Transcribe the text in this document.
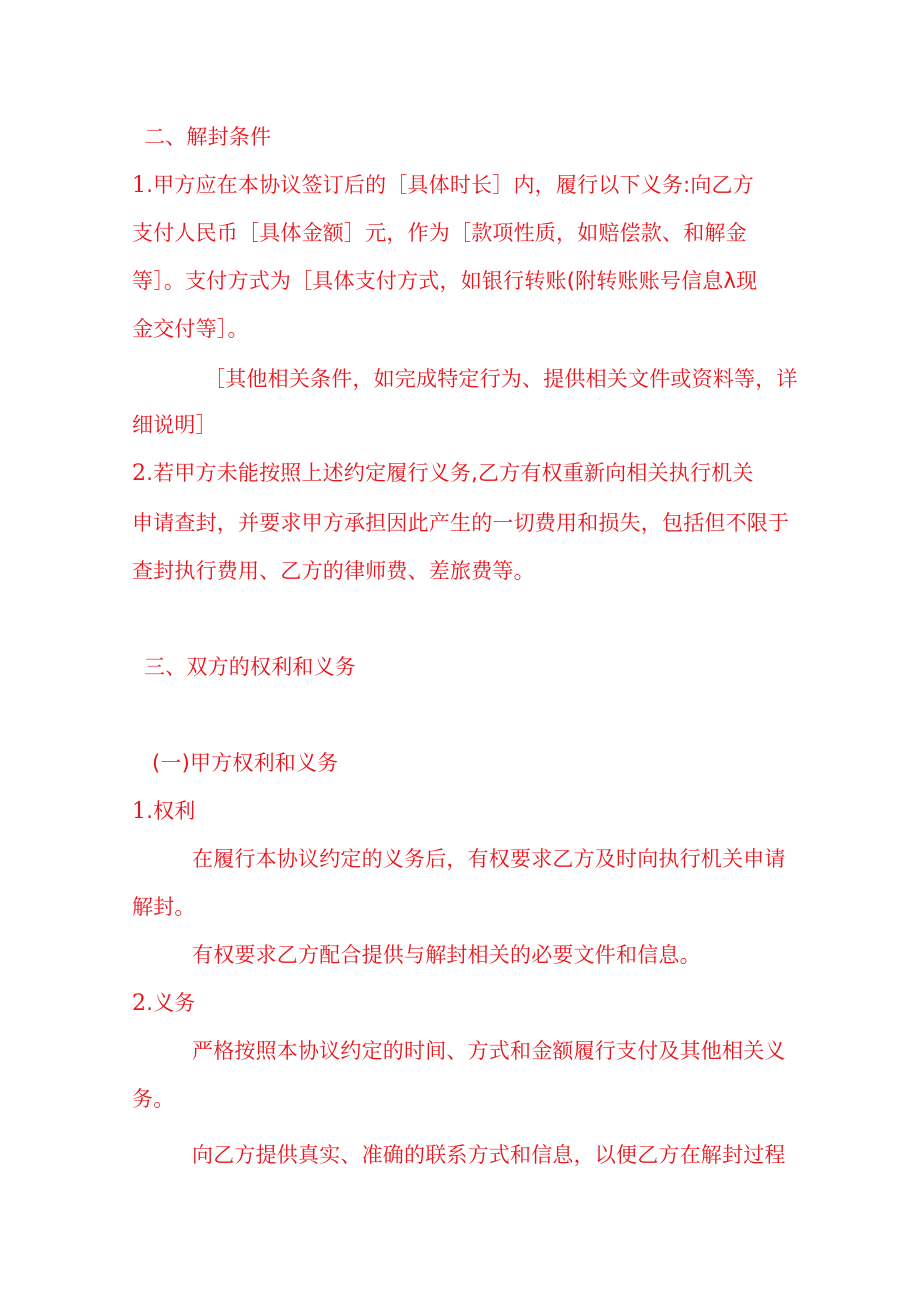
二、解封条件
1.甲方应在本协议签订后的［具体时长］内，履行以下义务:向乙方
支付人民币［具体金额］元，作为［款项性质，如赔偿款、和解金
等］。支付方式为［具体支付方式，如银行转账(附转账账号信息λ现
金交付等］。
［其他相关条件，如完成特定行为、提供相关文件或资料等，详
细说明］
2.若甲方未能按照上述约定履行义务,乙方有权重新向相关执行机关
申请查封，并要求甲方承担因此产生的一切费用和损失，包括但不限于
查封执行费用、乙方的律师费、差旅费等。
三、双方的权利和义务
(一)甲方权利和义务
1.权利
在履行本协议约定的义务后，有权要求乙方及时向执行机关申请
解封。
有权要求乙方配合提供与解封相关的必要文件和信息。
2.义务
严格按照本协议约定的时间、方式和金额履行支付及其他相关义
务。
向乙方提供真实、准确的联系方式和信息，以便乙方在解封过程
